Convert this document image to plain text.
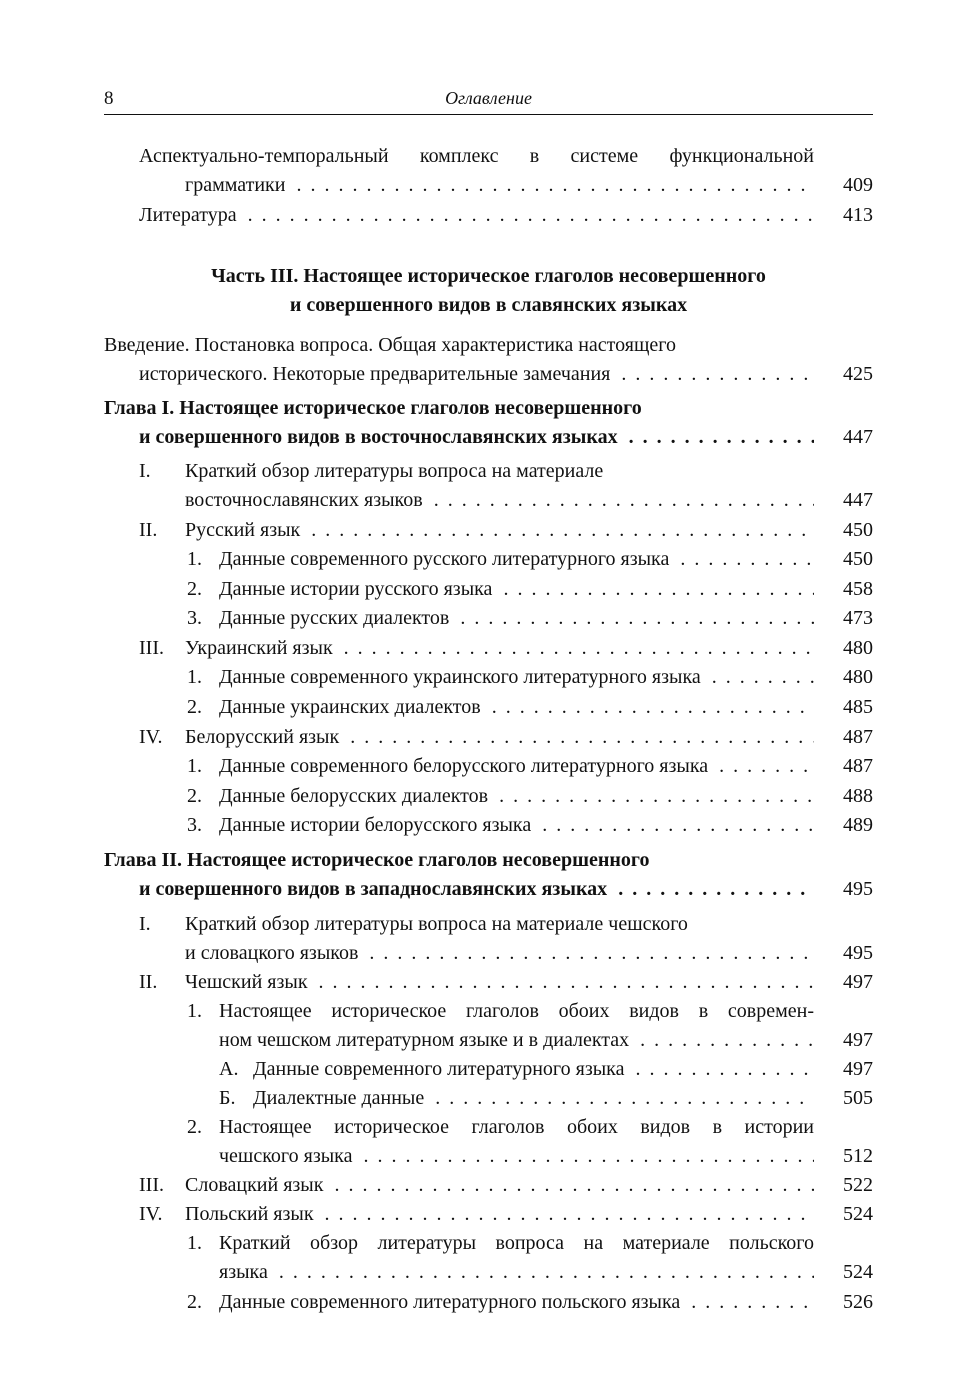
8	Оглавление
Аспектуально-темпоральный комплекс в системе функциональной
грамматики . . .	409
Литература . . .	413
Часть III. Настоящее историческое глаголов несовершенного
и совершенного видов в славянских языках
Введение. Постановка вопроса. Общая характеристика настоящего
исторического. Некоторые предварительные замечания . . .	425
Глава I. Настоящее историческое глаголов несовершенного
и совершенного видов в восточнославянских языках . . .	447
I. Краткий обзор литературы вопроса на материале
восточнославянских языков . . .	447
II. Русский язык . . .	450
1. Данные современного русского литературного языка . . .	450
2. Данные истории русского языка . . .	458
3. Данные русских диалектов . . .	473
III. Украинский язык . . .	480
1. Данные современного украинского литературного языка . . .	480
2. Данные украинских диалектов . . .	485
IV. Белорусский язык . . .	487
1. Данные современного белорусского литературного языка . . .	487
2. Данные белорусских диалектов . . .	488
3. Данные истории белорусского языка . . .	489
Глава II. Настоящее историческое глаголов несовершенного
и совершенного видов в западнославянских языках . . .	495
I. Краткий обзор литературы вопроса на материале чешского
и словацкого языков . . .	495
II. Чешский язык . . .	497
1. Настоящее историческое глаголов обоих видов в современ-
ном чешском литературном языке и в диалектах . . .	497
А. Данные современного литературного языка . . .	497
Б. Диалектные данные . . .	505
2. Настоящее историческое глаголов обоих видов в истории
чешского языка . . .	512
III. Словацкий язык . . .	522
IV. Польский язык . . .	524
1. Краткий обзор литературы вопроса на материале польского
языка . . .	524
2. Данные современного литературного польского языка . . .	526
